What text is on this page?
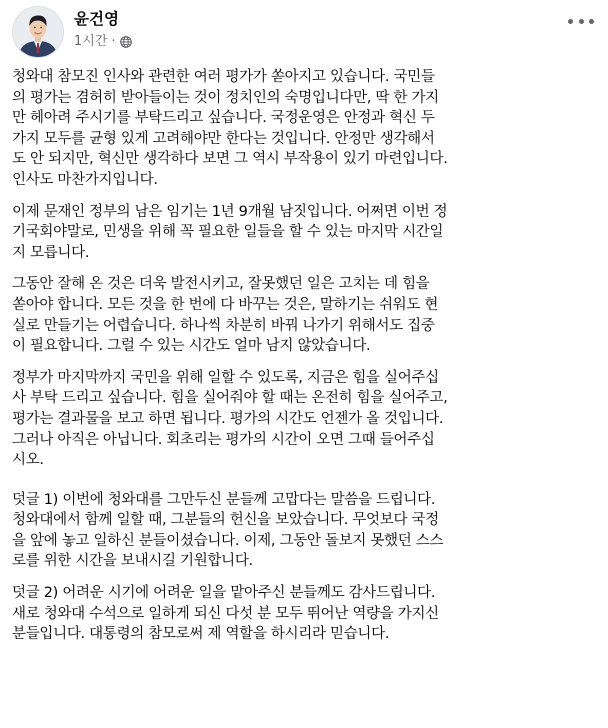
윤건영
1시간 ·

청와대 참모진 인사와 관련한 여러 평가가 쏟아지고 있습니다. 국민들
의 평가는 겸허히 받아들이는 것이 정치인의 숙명입니다만, 딱 한 가지
만 헤아려 주시기를 부탁드리고 싶습니다. 국정운영은 안정과 혁신 두
가지 모두를 균형 있게 고려해야만 한다는 것입니다. 안정만 생각해서
도 안 되지만, 혁신만 생각하다 보면 그 역시 부작용이 있기 마련입니다.
인사도 마찬가지입니다.

이제 문재인 정부의 남은 임기는 1년 9개월 남짓입니다. 어쩌면 이번 정
기국회야말로, 민생을 위해 꼭 필요한 일들을 할 수 있는 마지막 시간일
지 모릅니다.

그동안 잘해 온 것은 더욱 발전시키고, 잘못했던 일은 고치는 데 힘을
쏟아야 합니다. 모든 것을 한 번에 다 바꾸는 것은, 말하기는 쉬워도 현
실로 만들기는 어렵습니다. 하나씩 차분히 바꿔 나가기 위해서도 집중
이 필요합니다. 그럴 수 있는 시간도 얼마 남지 않았습니다.

정부가 마지막까지 국민을 위해 일할 수 있도록, 지금은 힘을 실어주십
사 부탁 드리고 싶습니다. 힘을 실어줘야 할 때는 온전히 힘을 실어주고,
평가는 결과물을 보고 하면 됩니다. 평가의 시간도 언젠가 올 것입니다.
그러나 아직은 아닙니다. 회초리는 평가의 시간이 오면 그때 들어주십
시오.

덧글 1) 이번에 청와대를 그만두신 분들께 고맙다는 말씀을 드립니다.
청와대에서 함께 일할 때, 그분들의 헌신을 보았습니다. 무엇보다 국정
을 앞에 놓고 일하신 분들이셨습니다. 이제, 그동안 돌보지 못했던 스스
로를 위한 시간을 보내시길 기원합니다.

덧글 2) 어려운 시기에 어려운 일을 맡아주신 분들께도 감사드립니다.
새로 청와대 수석으로 일하게 되신 다섯 분 모두 뛰어난 역량을 가지신
분들입니다. 대통령의 참모로써 제 역할을 하시리라 믿습니다.
